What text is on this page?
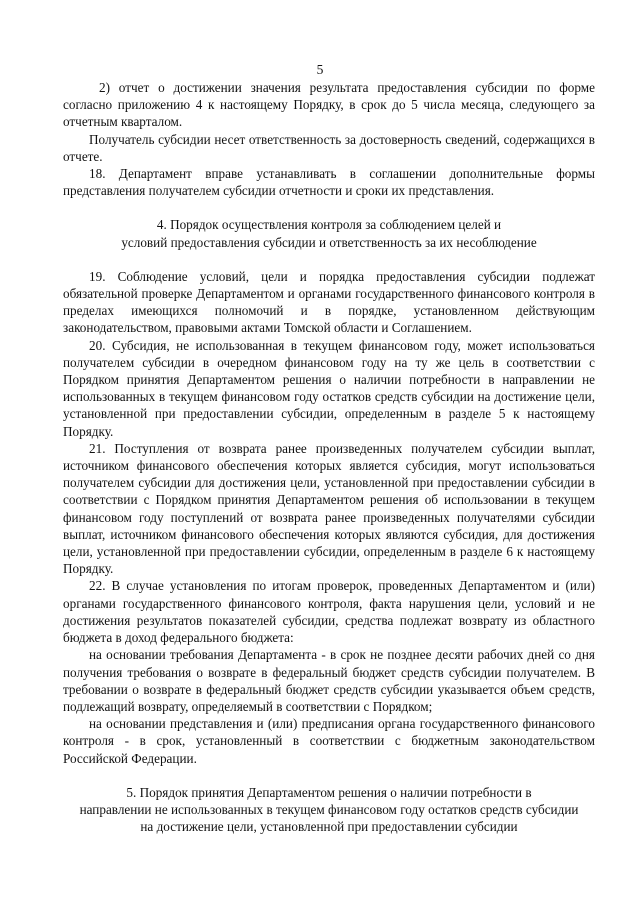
5

2) отчет о достижении значения результата предоставления субсидии по форме согласно приложению 4 к настоящему Порядку, в срок до 5 числа месяца, следующего за отчетным кварталом.

Получатель субсидии несет ответственность за достоверность сведений, содержащихся в отчете.

18. Департамент вправе устанавливать в соглашении дополнительные формы представления получателем субсидии отчетности и сроки их представления.

4. Порядок осуществления контроля за соблюдением целей и

условий предоставления субсидии и ответственность за их несоблюдение

19. Соблюдение условий, цели и порядка предоставления субсидии подлежат обязательной проверке Департаментом и органами государственного финансового контроля в пределах имеющихся полномочий и в порядке, установленном действующим законодательством, правовыми актами Томской области и Соглашением.

20. Субсидия, не использованная в текущем финансовом году, может использоваться получателем субсидии в очередном финансовом году на ту же цель в соответствии с Порядком принятия Департаментом решения о наличии потребности в направлении не использованных в текущем финансовом году остатков средств субсидии на достижение цели, установленной при предоставлении субсидии, определенным в разделе 5 к настоящему Порядку.

21. Поступления от возврата ранее произведенных получателем субсидии выплат, источником финансового обеспечения которых является субсидия, могут использоваться получателем субсидии для достижения цели, установленной при предоставлении субсидии в соответствии с Порядком принятия Департаментом решения об использовании в текущем финансовом году поступлений от возврата ранее произведенных получателями субсидии выплат, источником финансового обеспечения которых являются субсидия, для достижения цели, установленной при предоставлении субсидии, определенным в разделе 6 к настоящему Порядку.

22. В случае установления по итогам проверок, проведенных Департаментом и (или) органами государственного финансового контроля, факта нарушения цели, условий и не достижения результатов показателей субсидии, средства подлежат возврату из областного бюджета в доход федерального бюджета:

на основании требования Департамента - в срок не позднее десяти рабочих дней со дня получения требования о возврате в федеральный бюджет средств субсидии получателем. В требовании о возврате в федеральный бюджет средств субсидии указывается объем средств, подлежащий возврату, определяемый в соответствии с Порядком;

на основании представления и (или) предписания органа государственного финансового контроля - в срок, установленный в соответствии с бюджетным законодательством Российской Федерации.

5. Порядок принятия Департаментом решения о наличии потребности в

направлении не использованных в текущем финансовом году остатков средств субсидии

на достижение цели, установленной при предоставлении субсидии
